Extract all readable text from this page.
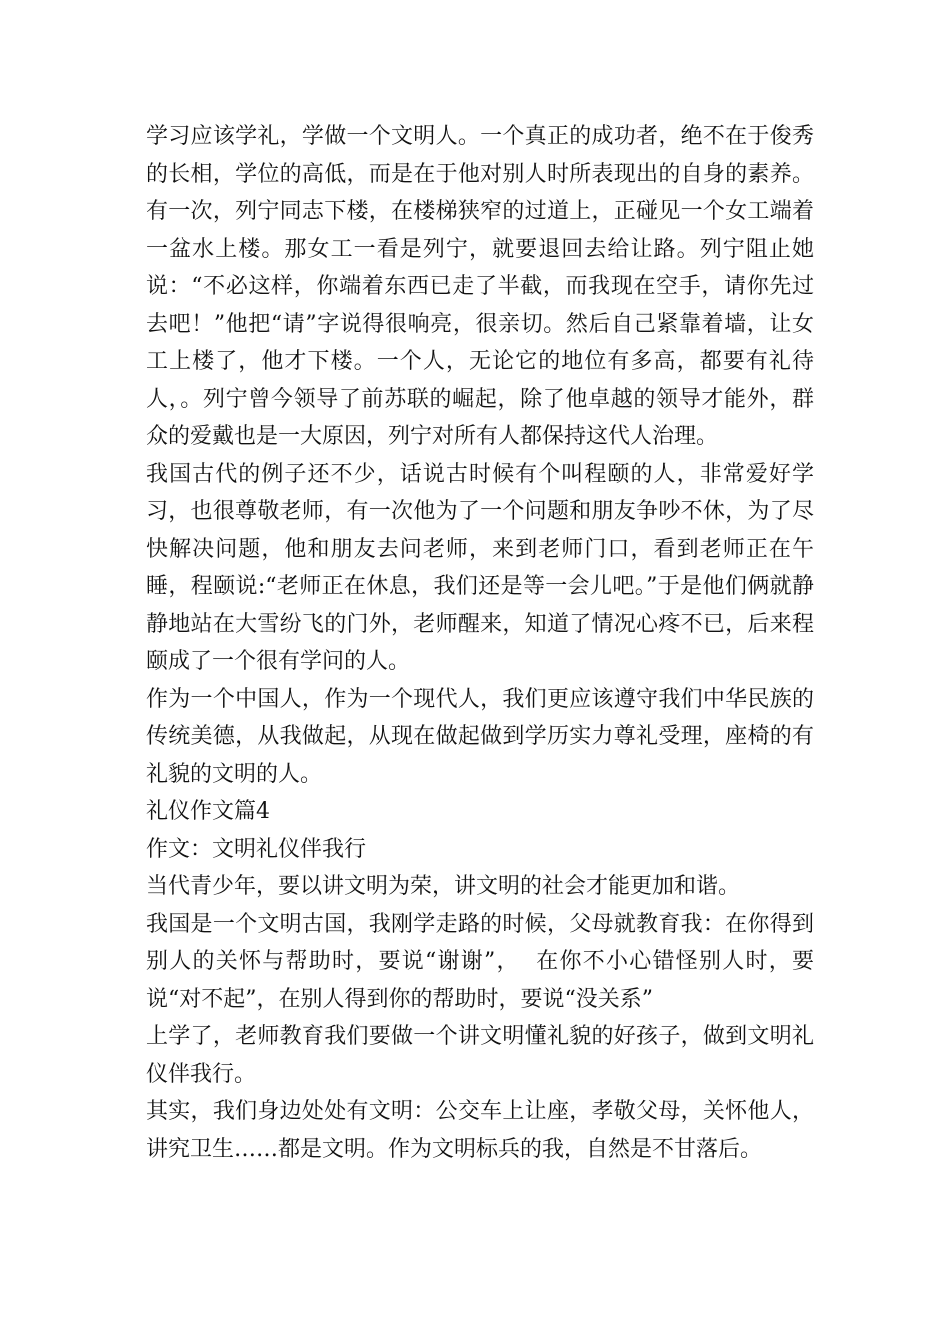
学习应该学礼，学做一个文明人。一个真正的成功者，绝不在于俊秀的长相，学位的高低，而是在于他对别人时所表现出的自身的素养。有一次，列宁同志下楼，在楼梯狭窄的过道上，正碰见一个女工端着一盆水上楼。那女工一看是列宁，就要退回去给让路。列宁阻止她说：“不必这样，你端着东西已走了半截，而我现在空手，请你先过去吧！”他把“请”字说得很响亮，很亲切。然后自己紧靠着墙，让女工上楼了，他才下楼。一个人，无论它的地位有多高，都要有礼待人，。列宁曾今领导了前苏联的崛起，除了他卓越的领导才能外，群众的爱戴也是一大原因，列宁对所有人都保持这代人治理。

我国古代的例子还不少，话说古时候有个叫程颐的人，非常爱好学习，也很尊敬老师，有一次他为了一个问题和朋友争吵不休，为了尽快解决问题，他和朋友去问老师，来到老师门口，看到老师正在午睡，程颐说:“老师正在休息，我们还是等一会儿吧。”于是他们俩就静静地站在大雪纷飞的门外，老师醒来，知道了情况心疼不已，后来程颐成了一个很有学问的人。

作为一个中国人，作为一个现代人，我们更应该遵守我们中华民族的传统美德，从我做起，从现在做起做到学历实力尊礼受理，座椅的有礼貌的文明的人。

礼仪作文篇4

作文：文明礼仪伴我行

当代青少年，要以讲文明为荣，讲文明的社会才能更加和谐。

我国是一个文明古国，我刚学走路的时候，父母就教育我：在你得到别人的关怀与帮助时，要说“谢谢”，  在你不小心错怪别人时，要说“对不起”，在别人得到你的帮助时，要说“没关系”

上学了，老师教育我们要做一个讲文明懂礼貌的好孩子，做到文明礼仪伴我行。

其实，我们身边处处有文明：公交车上让座，孝敬父母，关怀他人，讲究卫生……都是文明。作为文明标兵的我，自然是不甘落后。
